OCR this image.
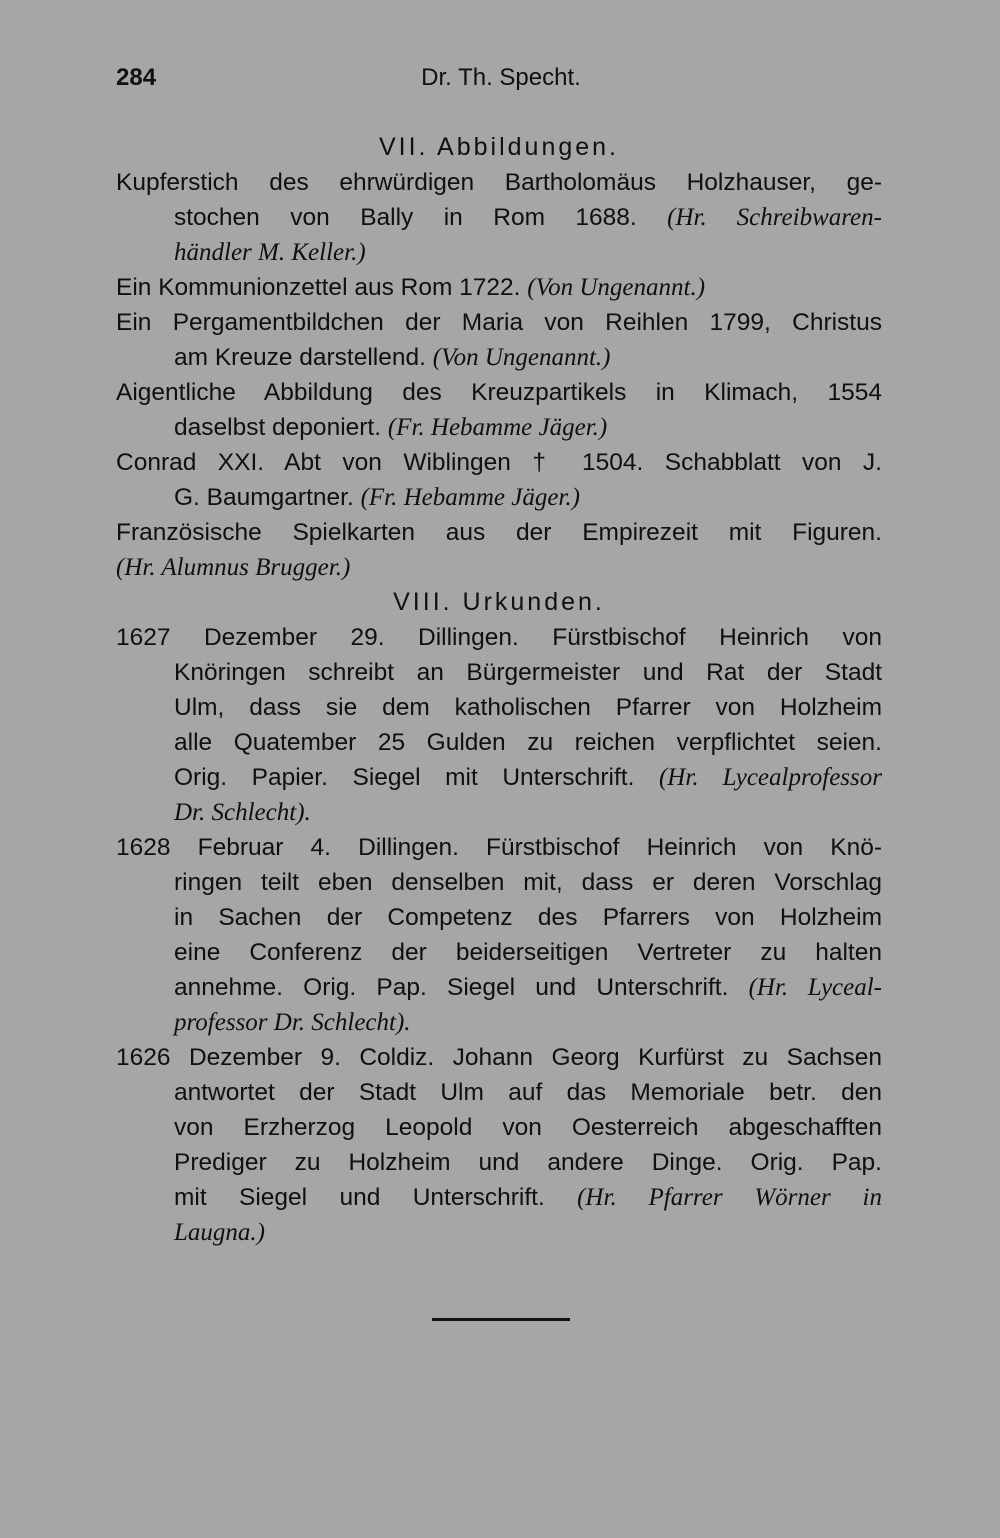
284	Dr. Th. Specht.
VII. Abbildungen.
Kupferstich des ehrwürdigen Bartholomäus Holzhauser, ge-
stochen von Bally in Rom 1688. (Hr. Schreibwaren-
händler M. Keller.)
Ein Kommunionzettel aus Rom 1722. (Von Ungenannt.)
Ein Pergamentbildchen der Maria von Reihlen 1799, Christus
am Kreuze darstellend. (Von Ungenannt.)
Aigentliche Abbildung des Kreuzpartikels in Klimach, 1554
daselbst deponiert. (Fr. Hebamme Jäger.)
Conrad XXI. Abt von Wiblingen † 1504. Schabblatt von J.
G. Baumgartner. (Fr. Hebamme Jäger.)
Französische Spielkarten aus der Empirezeit mit Figuren.
(Hr. Alumnus Brugger.)
VIII. Urkunden.
1627 Dezember 29. Dillingen. Fürstbischof Heinrich von
Knöringen schreibt an Bürgermeister und Rat der Stadt
Ulm, dass sie dem katholischen Pfarrer von Holzheim
alle Quatember 25 Gulden zu reichen verpflichtet seien.
Orig. Papier. Siegel mit Unterschrift. (Hr. Lycealprofessor
Dr. Schlecht).
1628 Februar 4. Dillingen. Fürstbischof Heinrich von Knö-
ringen teilt eben denselben mit, dass er deren Vorschlag
in Sachen der Competenz des Pfarrers von Holzheim
eine Conferenz der beiderseitigen Vertreter zu halten
annehme. Orig. Pap. Siegel und Unterschrift. (Hr. Lyceal-
professor Dr. Schlecht).
1626 Dezember 9. Coldiz. Johann Georg Kurfürst zu Sachsen
antwortet der Stadt Ulm auf das Memoriale betr. den
von Erzherzog Leopold von Oesterreich abgeschafften
Prediger zu Holzheim und andere Dinge. Orig. Pap.
mit Siegel und Unterschrift. (Hr. Pfarrer Wörner in
Laugna.)
